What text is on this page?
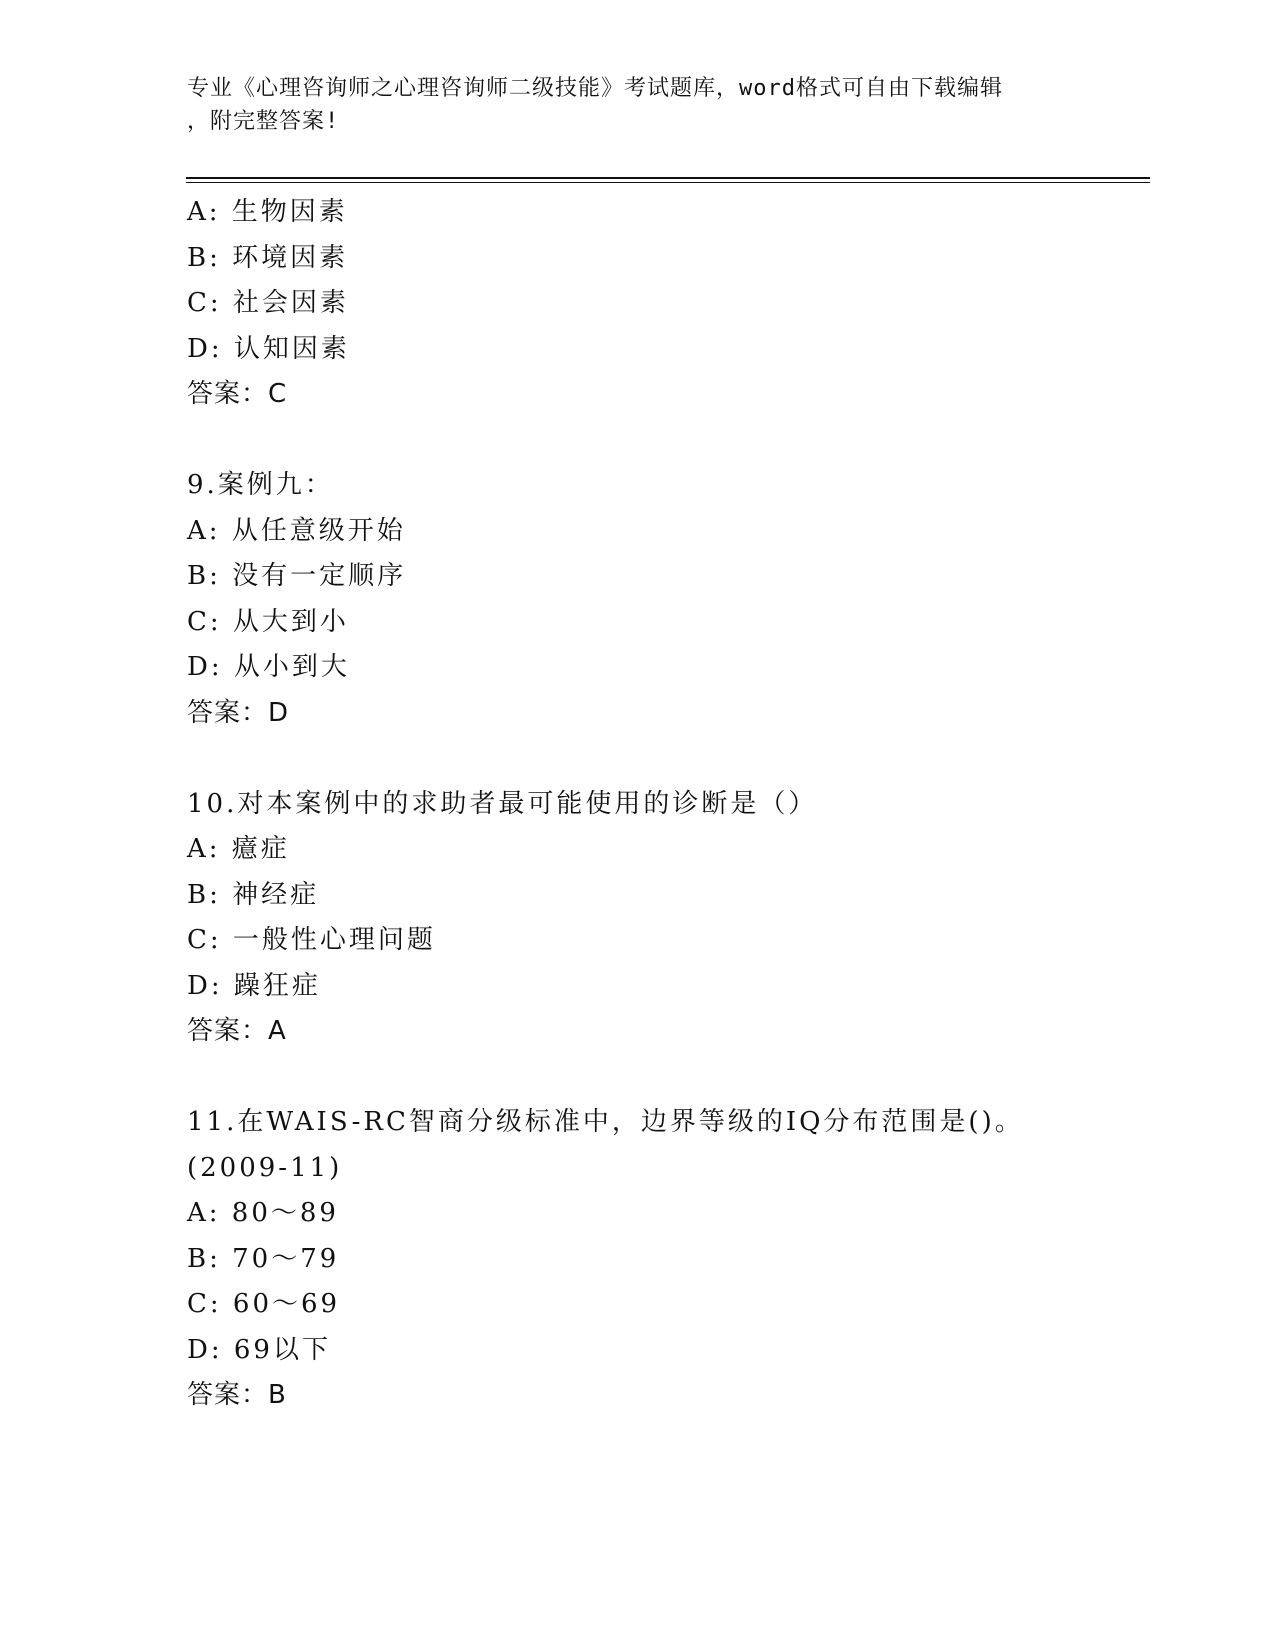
专业《心理咨询师之心理咨询师二级技能》考试题库，word格式可自由下载编辑
，附完整答案!
A: 生物因素
B: 环境因素
C: 社会因素
D: 认知因素
答案：C
9.案例九：
A: 从任意级开始
B: 没有一定顺序
C: 从大到小
D: 从小到大
答案：D
10.对本案例中的求助者最可能使用的诊断是（）
A: 癔症
B: 神经症
C: 一般性心理问题
D: 躁狂症
答案：A
11.在WAIS-RC智商分级标准中，边界等级的IQ分布范围是()。
(2009-11)
A: 80～89
B: 70～79
C: 60～69
D: 69以下
答案：B
